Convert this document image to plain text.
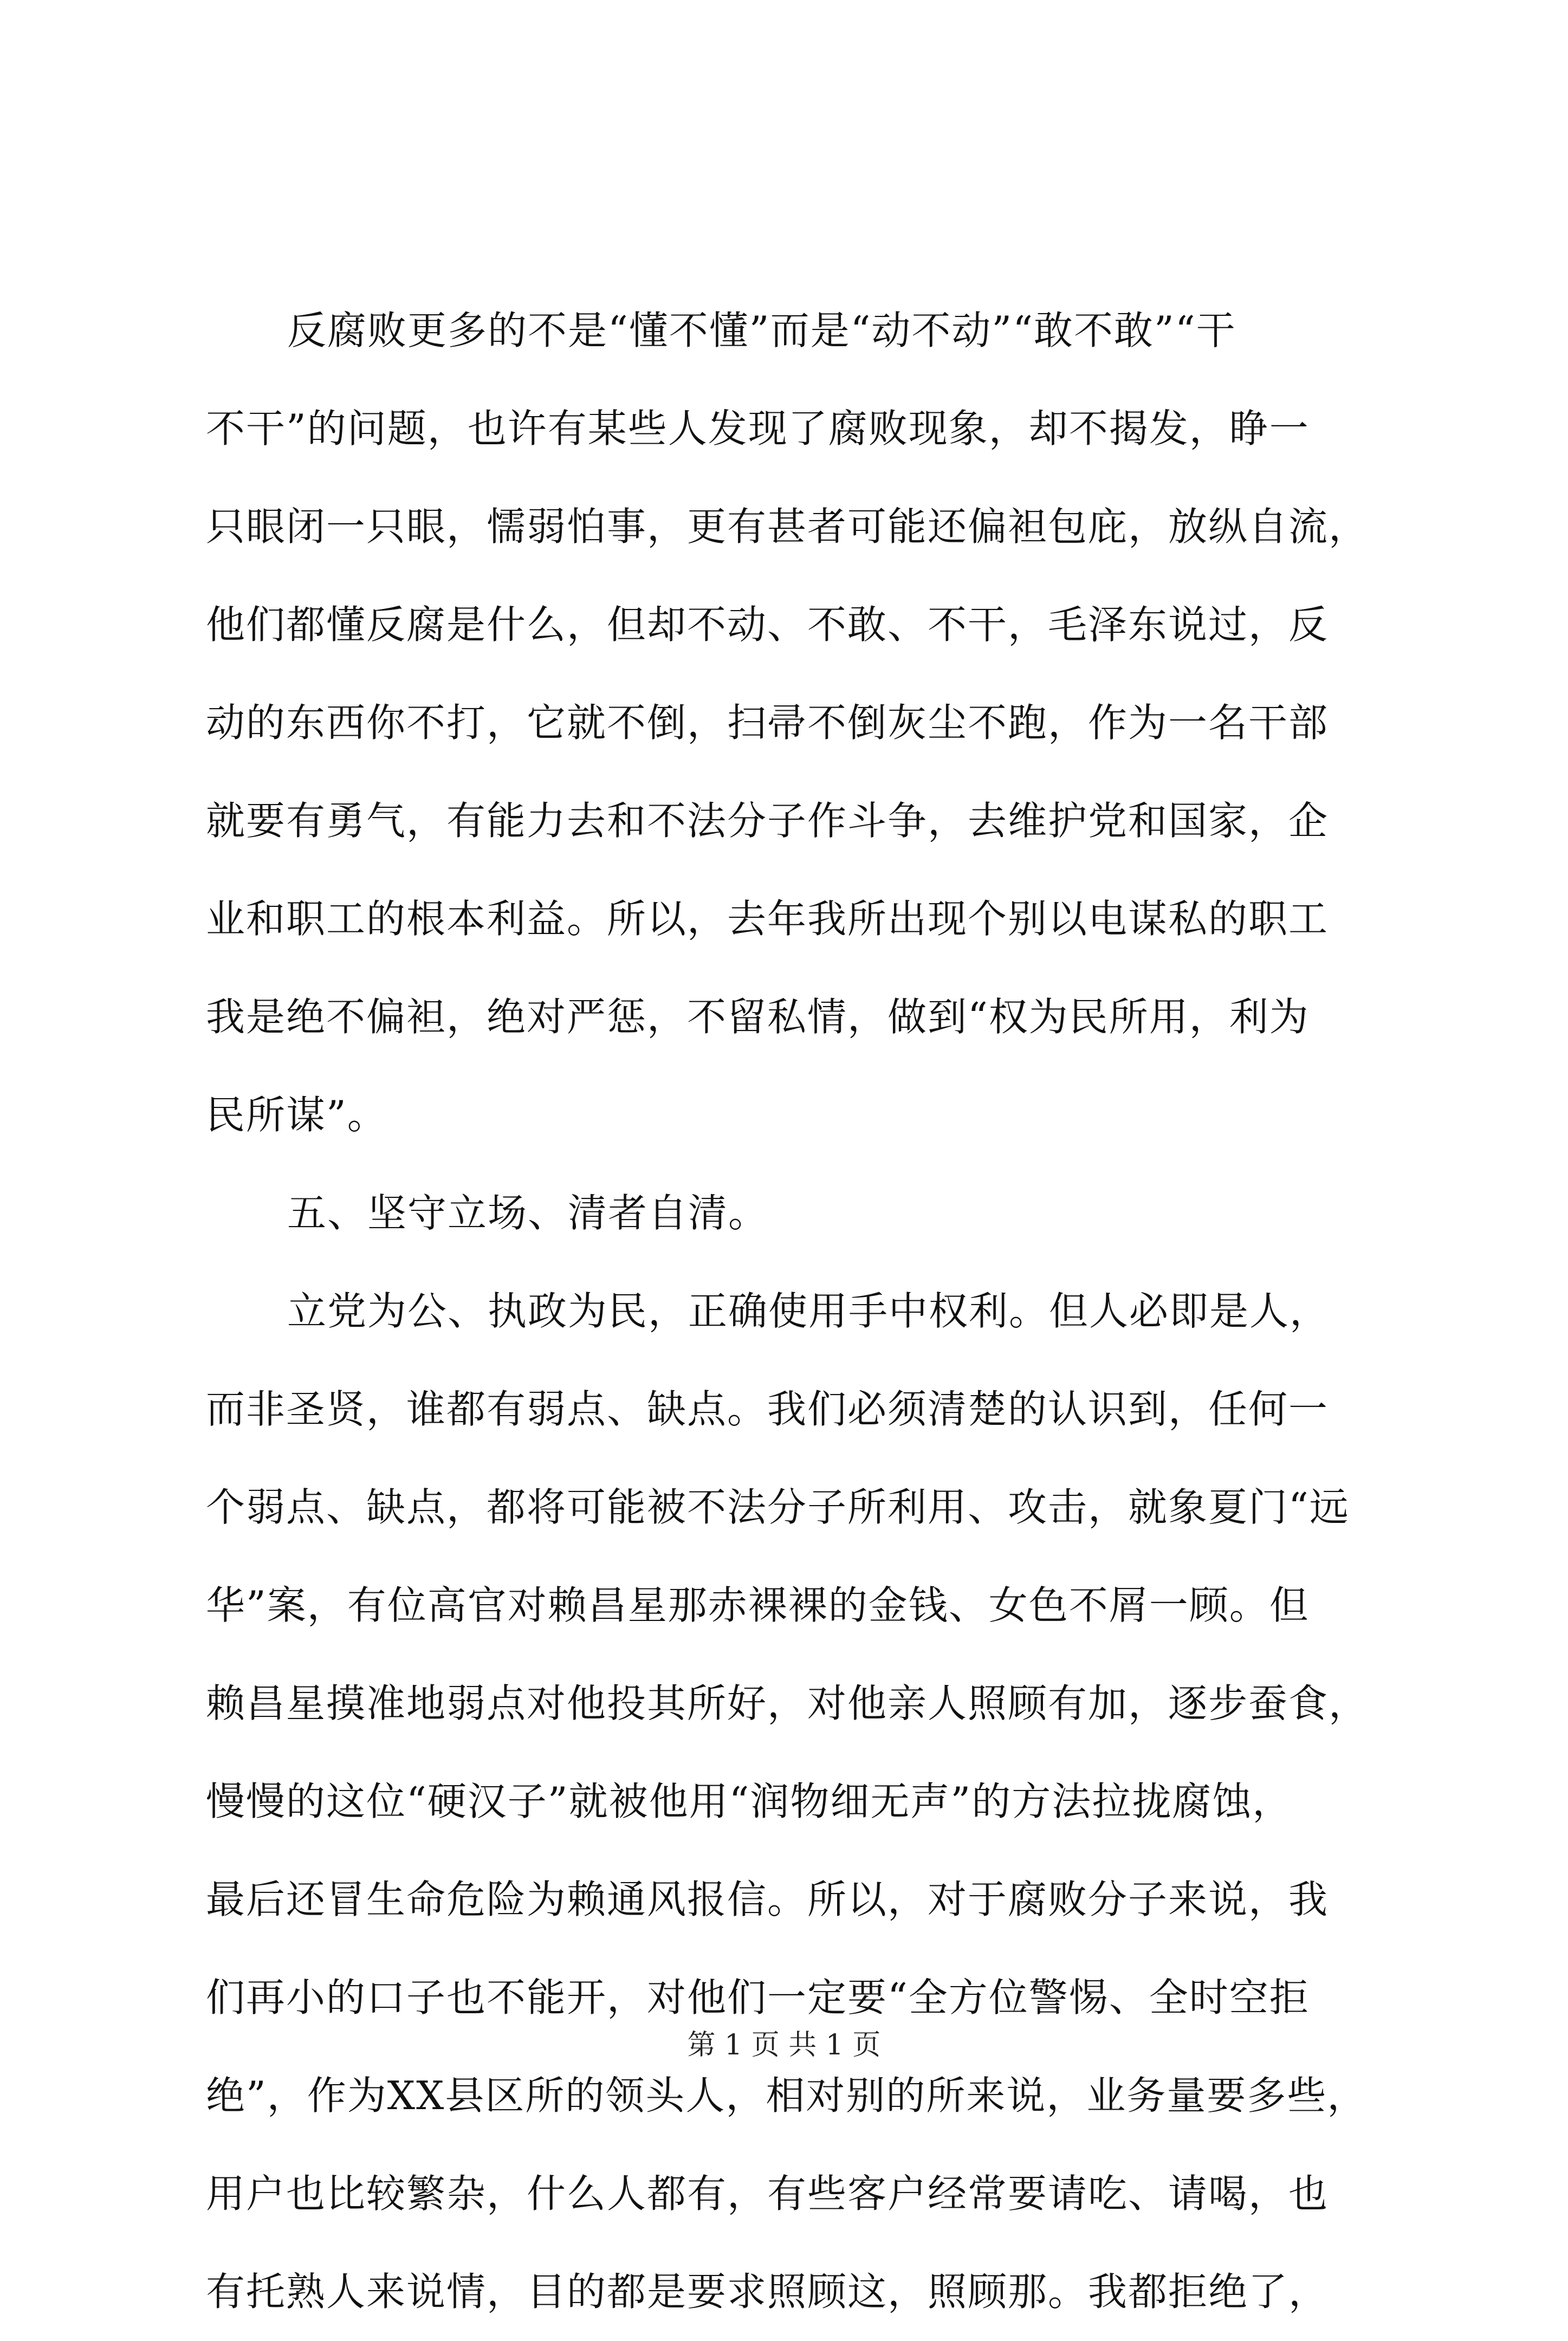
反腐败更多的不是“懂不懂”而是“动不动”“敢不敢”“干
不干”的问题，也许有某些人发现了腐败现象，却不揭发，睁一
只眼闭一只眼，懦弱怕事，更有甚者可能还偏袒包庇，放纵自流，
他们都懂反腐是什么，但却不动、不敢、不干，毛泽东说过，反
动的东西你不打，它就不倒，扫帚不倒灰尘不跑，作为一名干部
就要有勇气，有能力去和不法分子作斗争，去维护党和国家，企
业和职工的根本利益。所以，去年我所出现个别以电谋私的职工
我是绝不偏袒，绝对严惩，不留私情，做到“权为民所用，利为
民所谋”。
五、坚守立场、清者自清。
立党为公、执政为民，正确使用手中权利。但人必即是人，
而非圣贤，谁都有弱点、缺点。我们必须清楚的认识到，任何一
个弱点、缺点，都将可能被不法分子所利用、攻击，就象夏门“远
华”案，有位高官对赖昌星那赤裸裸的金钱、女色不屑一顾。但
赖昌星摸准地弱点对他投其所好，对他亲人照顾有加，逐步蚕食，
慢慢的这位“硬汉子”就被他用“润物细无声”的方法拉拢腐蚀，
最后还冒生命危险为赖通风报信。所以，对于腐败分子来说，我
们再小的口子也不能开，对他们一定要“全方位警惕、全时空拒
绝”，作为XX县区所的领头人，相对别的所来说，业务量要多些，
用户也比较繁杂，什么人都有，有些客户经常要请吃、请喝，也
有托熟人来说情，目的都是要求照顾这，照顾那。我都拒绝了，
第 1 页 共 1 页
